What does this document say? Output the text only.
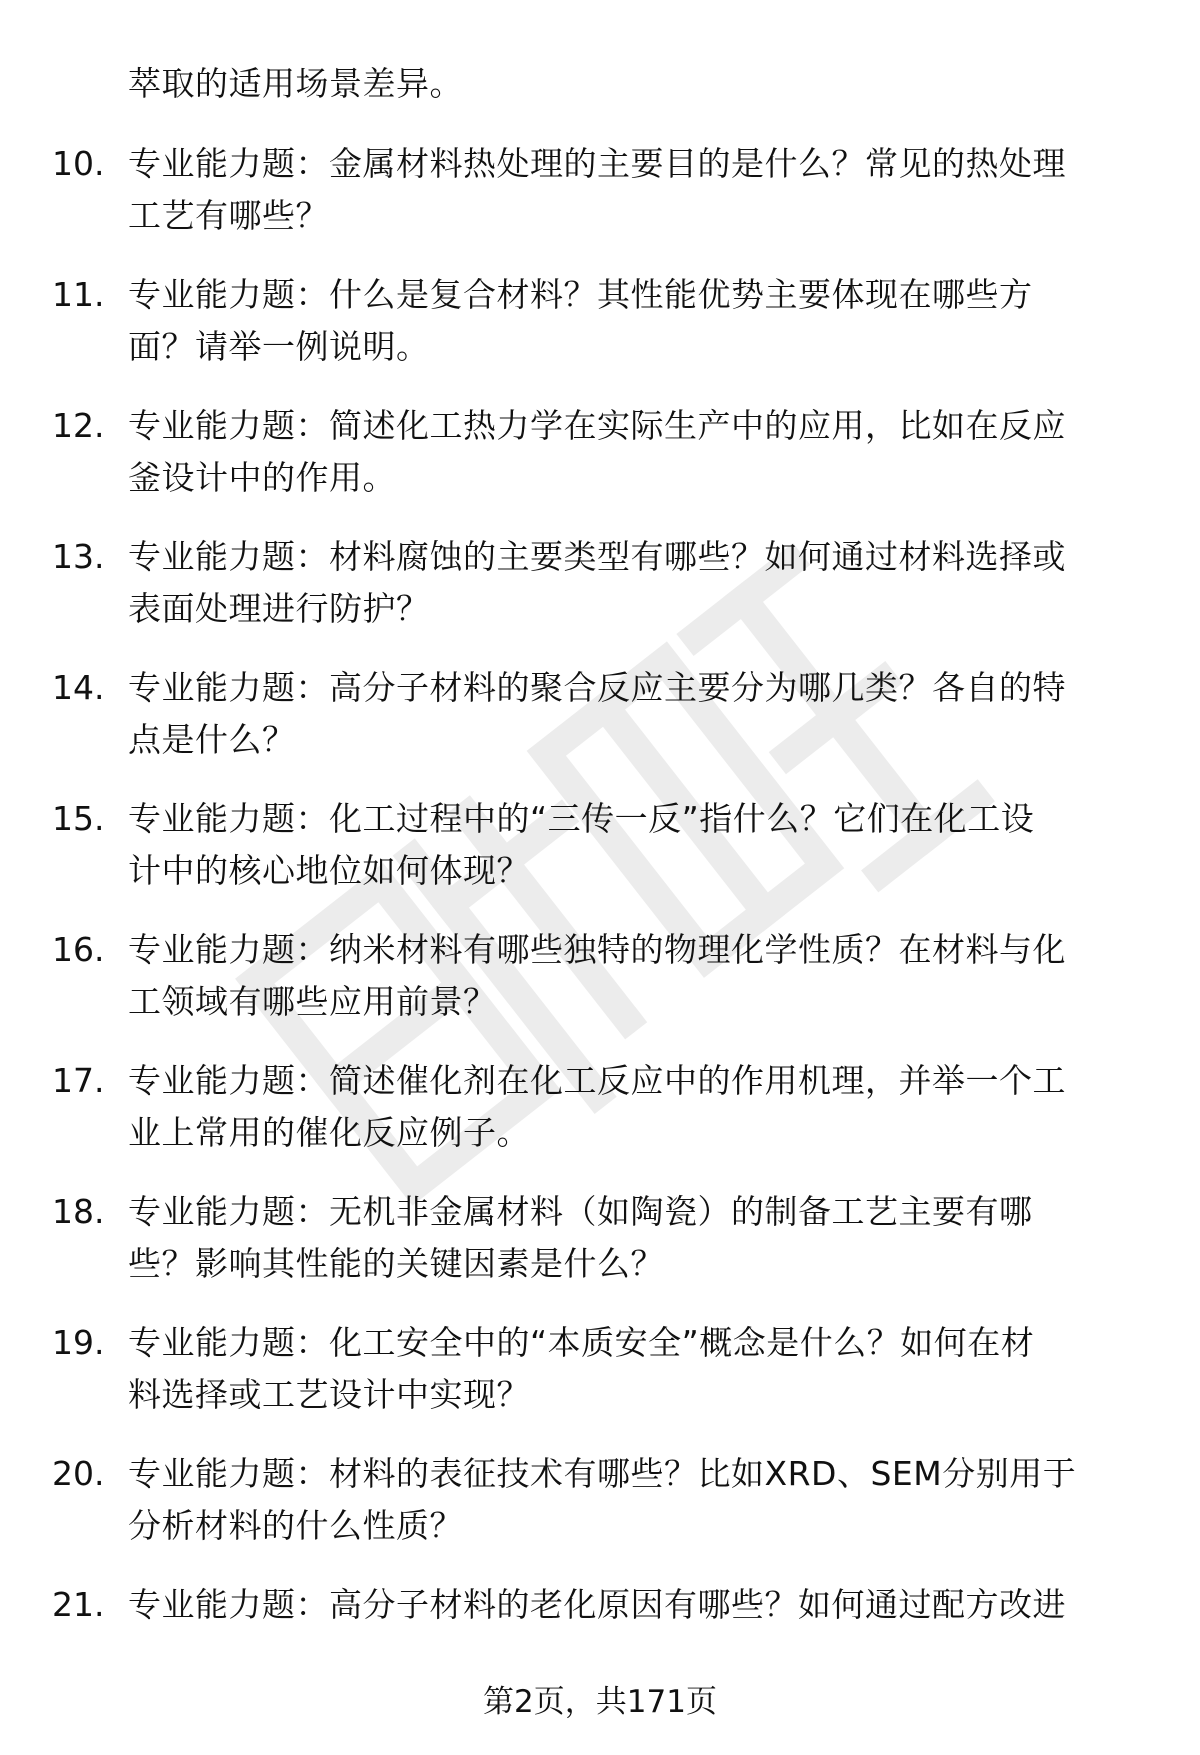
萃取的适用场景差异。
10. 专业能力题：金属材料热处理的主要目的是什么？常见的热处理
工艺有哪些？
11. 专业能力题：什么是复合材料？其性能优势主要体现在哪些方
面？请举一例说明。
12. 专业能力题：简述化工热力学在实际生产中的应用，比如在反应
釜设计中的作用。
13. 专业能力题：材料腐蚀的主要类型有哪些？如何通过材料选择或
表面处理进行防护？
14. 专业能力题：高分子材料的聚合反应主要分为哪几类？各自的特
点是什么？
15. 专业能力题：化工过程中的“三传一反”指什么？它们在化工设
计中的核心地位如何体现？
16. 专业能力题：纳米材料有哪些独特的物理化学性质？在材料与化
工领域有哪些应用前景？
17. 专业能力题：简述催化剂在化工反应中的作用机理，并举一个工
业上常用的催化反应例子。
18. 专业能力题：无机非金属材料（如陶瓷）的制备工艺主要有哪
些？影响其性能的关键因素是什么？
19. 专业能力题：化工安全中的“本质安全”概念是什么？如何在材
料选择或工艺设计中实现？
20. 专业能力题：材料的表征技术有哪些？比如XRD、SEM分别用于
分析材料的什么性质？
21. 专业能力题：高分子材料的老化原因有哪些？如何通过配方改进
第2页，共171页
